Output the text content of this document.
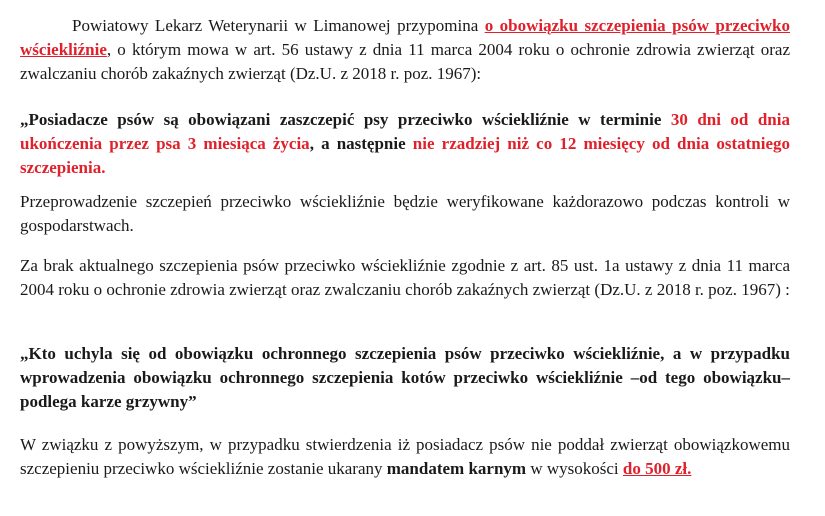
Powiatowy Lekarz Weterynarii w Limanowej przypomina o obowiązku szczepienia psów przeciwko wściekliźnie, o którym mowa w art. 56 ustawy z dnia 11 marca 2004 roku o ochronie zdrowia zwierząt oraz zwalczaniu chorób zakaźnych zwierząt (Dz.U. z 2018 r. poz. 1967):

„Posiadacze psów są obowiązani zaszczepić psy przeciwko wściekliźnie w terminie 30 dni od dnia ukończenia przez psa 3 miesiąca życia, a następnie nie rzadziej niż co 12 miesięcy od dnia ostatniego szczepienia.

Przeprowadzenie szczepień przeciwko wściekliźnie będzie weryfikowane każdorazowo podczas kontroli w gospodarstwach.

Za brak aktualnego szczepienia psów przeciwko wściekliźnie zgodnie z art. 85 ust. 1a ustawy z dnia 11 marca 2004 roku o ochronie zdrowia zwierząt oraz zwalczaniu chorób zakaźnych zwierząt (Dz.U. z 2018 r. poz. 1967) :

„Kto uchyla się od obowiązku ochronnego szczepienia psów przeciwko wściekliźnie, a w przypadku wprowadzenia obowiązku ochronnego szczepienia kotów przeciwko wściekliźnie –od tego obowiązku–podlega karze grzywny”

W związku z powyższym, w przypadku stwierdzenia iż posiadacz psów nie poddał zwierząt obowiązkowemu szczepieniu przeciwko wściekliźnie zostanie ukarany mandatem karnym w wysokości do 500 zł.
